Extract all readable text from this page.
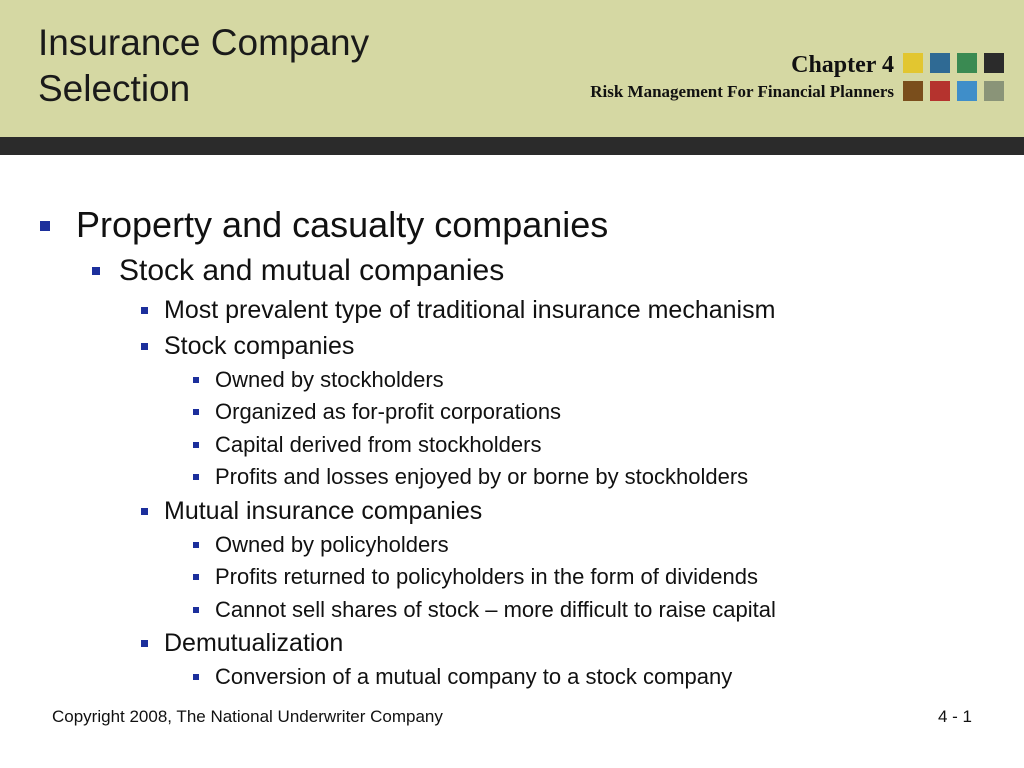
Insurance Company
Selection
Chapter 4
Risk Management For Financial Planners
Property and casualty companies
Stock and mutual companies
Most prevalent type of traditional insurance mechanism
Stock companies
Owned by stockholders
Organized as for-profit corporations
Capital derived from stockholders
Profits and losses enjoyed by or borne by stockholders
Mutual insurance companies
Owned by policyholders
Profits returned to policyholders in the form of dividends
Cannot sell shares of stock – more difficult to raise capital
Demutualization
Conversion of a mutual company to a stock company
Copyright 2008, The National Underwriter Company	4 - 1
